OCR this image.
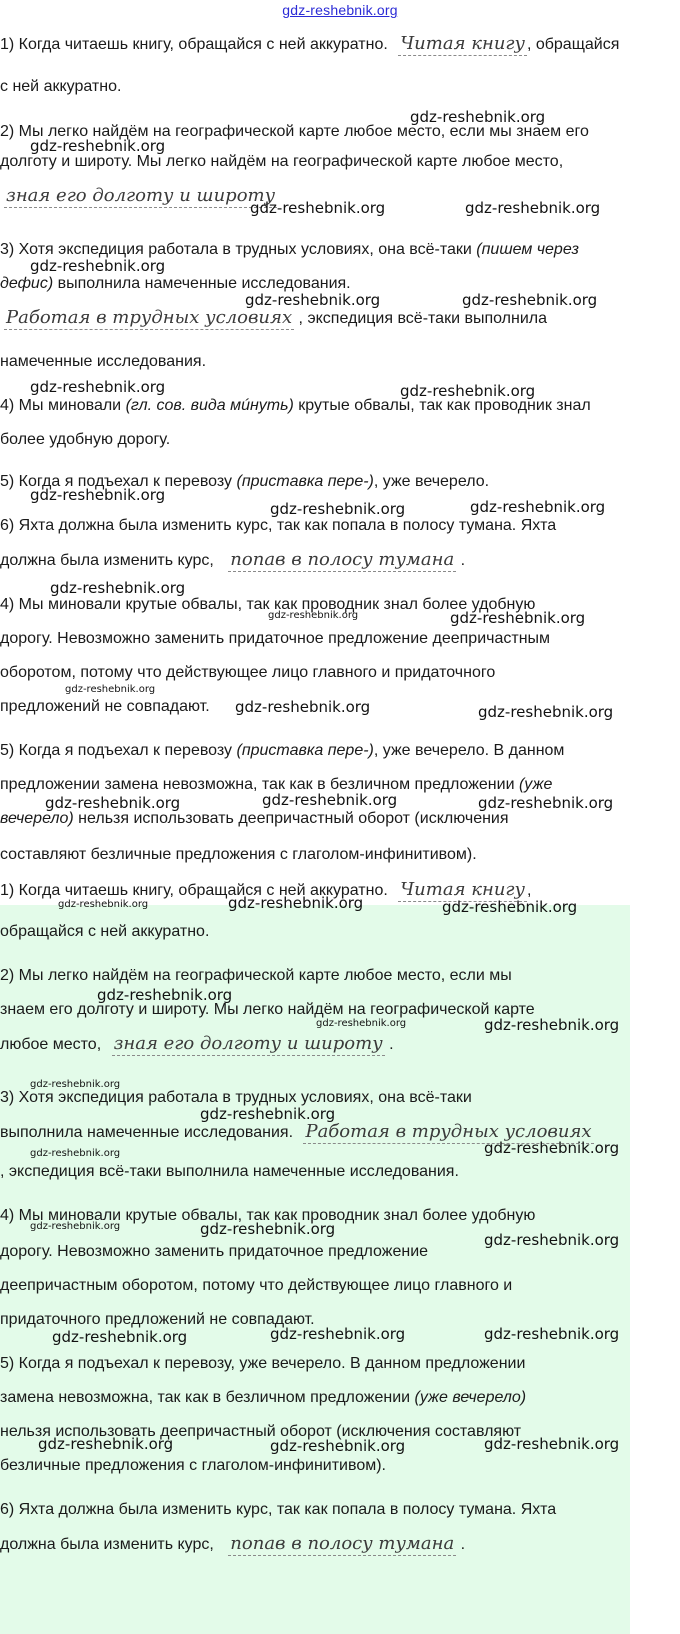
gdz-reshebnik.org
1) Когда читаешь книгу, обращайся с ней аккуратно. Читая книгу , обращайся
с ней аккуратно.
2) Мы легко найдём на географической карте любое место, если мы знаем его
долготу и широту. Мы легко найдём на географической карте любое место,
зная его долготу и широту
3) Хотя экспедиция работала в трудных условиях, она всё-таки (пишем через
дефис) выполнила намеченные исследования.
Работая в трудных условиях , экспедиция всё-таки выполнила
намеченные исследования.
4) Мы миновали (гл. сов. вида мúнуть) крутые обвалы, так как проводник знал
более удобную дорогу.
5) Когда я подъехал к перевозу (приставка пере-), уже вечерело.
6) Яхта должна была изменить курс, так как попала в полосу тумана. Яхта
должна была изменить курс, попав в полосу тумана .
4) Мы миновали крутые обвалы, так как проводник знал более удобную
дорогу. Невозможно заменить придаточное предложение деепричастным
оборотом, потому что действующее лицо главного и придаточного
предложений не совпадают.
5) Когда я подъехал к перевозу (приставка пере-), уже вечерело. В данном
предложении замена невозможна, так как в безличном предложении (уже
вечерело) нельзя использовать деепричастный оборот (исключения
составляют безличные предложения с глаголом-инфинитивом).
1) Когда читаешь книгу, обращайся с ней аккуратно. Читая книгу ,
обращайся с ней аккуратно.
2) Мы легко найдём на географической карте любое место, если мы
знаем его долготу и широту. Мы легко найдём на географической карте
любое место, зная его долготу и широту .
3) Хотя экспедиция работала в трудных условиях, она всё-таки
выполнила намеченные исследования. Работая в трудных условиях
, экспедиция всё-таки выполнила намеченные исследования.
4) Мы миновали крутые обвалы, так как проводник знал более удобную
дорогу. Невозможно заменить придаточное предложение
деепричастным оборотом, потому что действующее лицо главного и
придаточного предложений не совпадают.
5) Когда я подъехал к перевозу, уже вечерело. В данном предложении
замена невозможна, так как в безличном предложении (уже вечерело)
нельзя использовать деепричастный оборот (исключения составляют
безличные предложения с глаголом-инфинитивом).
6) Яхта должна была изменить курс, так как попала в полосу тумана. Яхта
должна была изменить курс, попав в полосу тумана .
gdz-reshebnik.org
gdz-reshebnik.org
gdz-reshebnik.org	gdz-reshebnik.org
gdz-reshebnik.org
gdz-reshebnik.org	gdz-reshebnik.org
gdz-reshebnik.org	gdz-reshebnik.org
gdz-reshebnik.org
gdz-reshebnik.org	gdz-reshebnik.org
gdz-reshebnik.org
gdz-reshebnik.org	gdz-reshebnik.org
gdz-reshebnik.org
gdz-reshebnik.org	gdz-reshebnik.org
gdz-reshebnik.org	gdz-reshebnik.org	gdz-reshebnik.org
gdz-reshebnik.org	gdz-reshebnik.org	gdz-reshebnik.org
gdz-reshebnik.org
gdz-reshebnik.org	gdz-reshebnik.org
gdz-reshebnik.org
gdz-reshebnik.org
gdz-reshebnik.org	gdz-reshebnik.org
gdz-reshebnik.org	gdz-reshebnik.org
gdz-reshebnik.org
gdz-reshebnik.org	gdz-reshebnik.org	gdz-reshebnik.org
gdz-reshebnik.org	gdz-reshebnik.org	gdz-reshebnik.org
